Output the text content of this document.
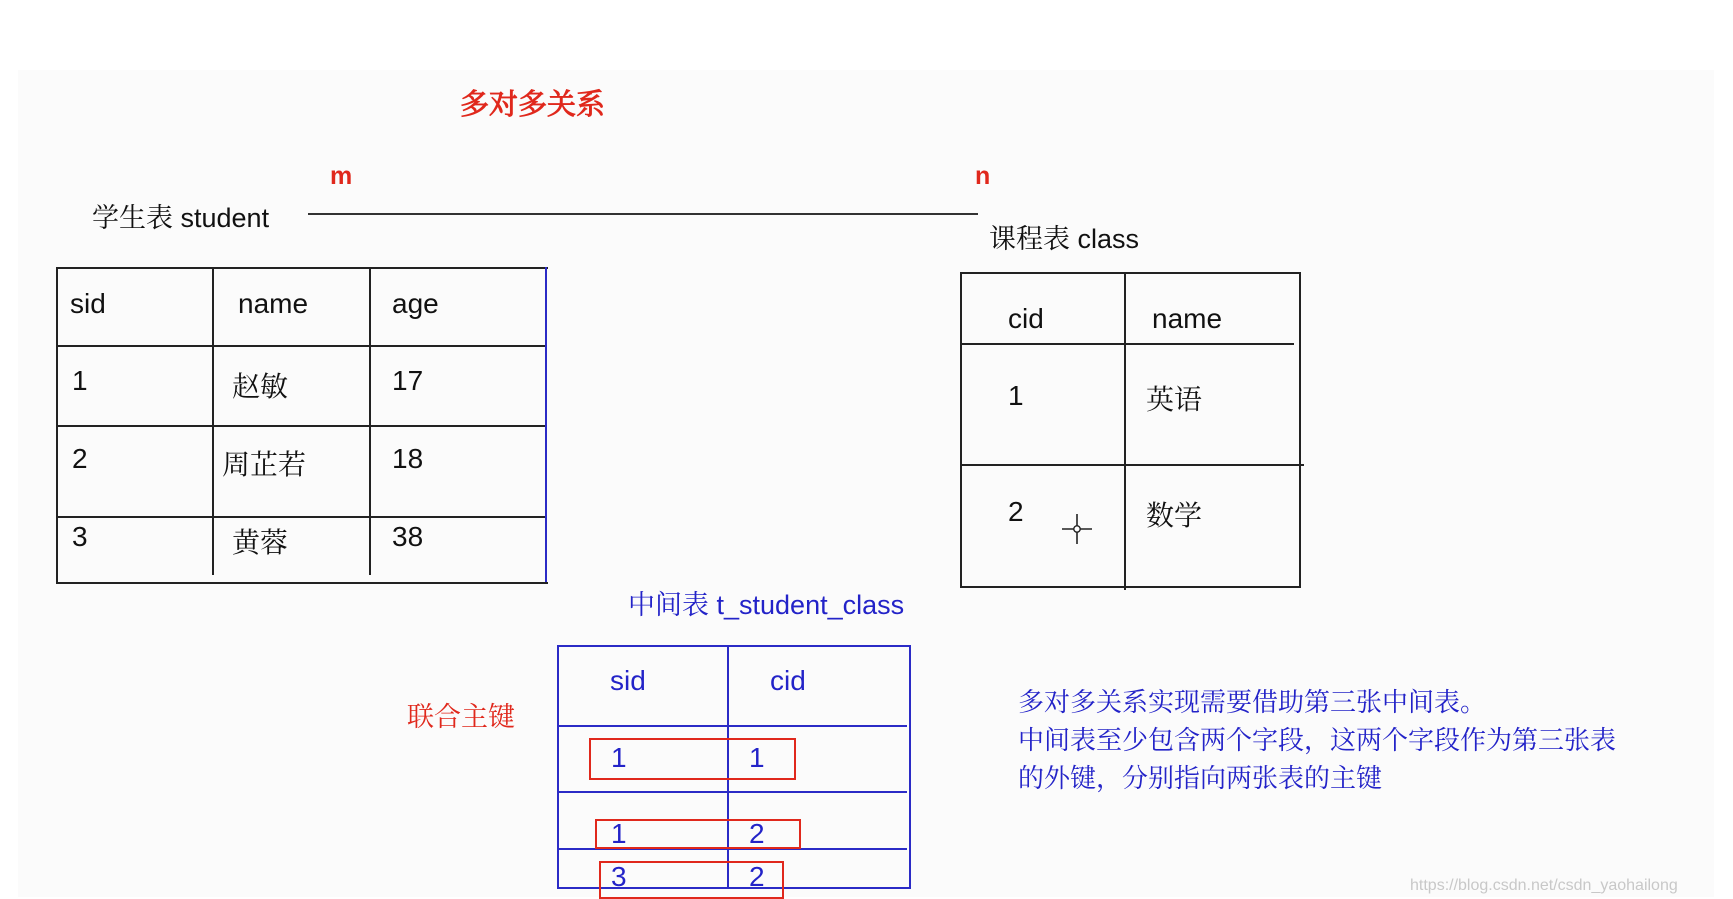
多对多关系
m	n
学生表 student
sid	name	age
1	赵敏	17
2	周芷若	18
3	黄蓉	38
课程表 class
cid	name
1	英语
2	数学
中间表 t_student_class
联合主键
sid	cid
1	1
1	2
3	2
多对多关系实现需要借助第三张中间表。
中间表至少包含两个字段，这两个字段作为第三张表
的外键，分别指向两张表的主键
https://blog.csdn.net/csdn_yaohailong
